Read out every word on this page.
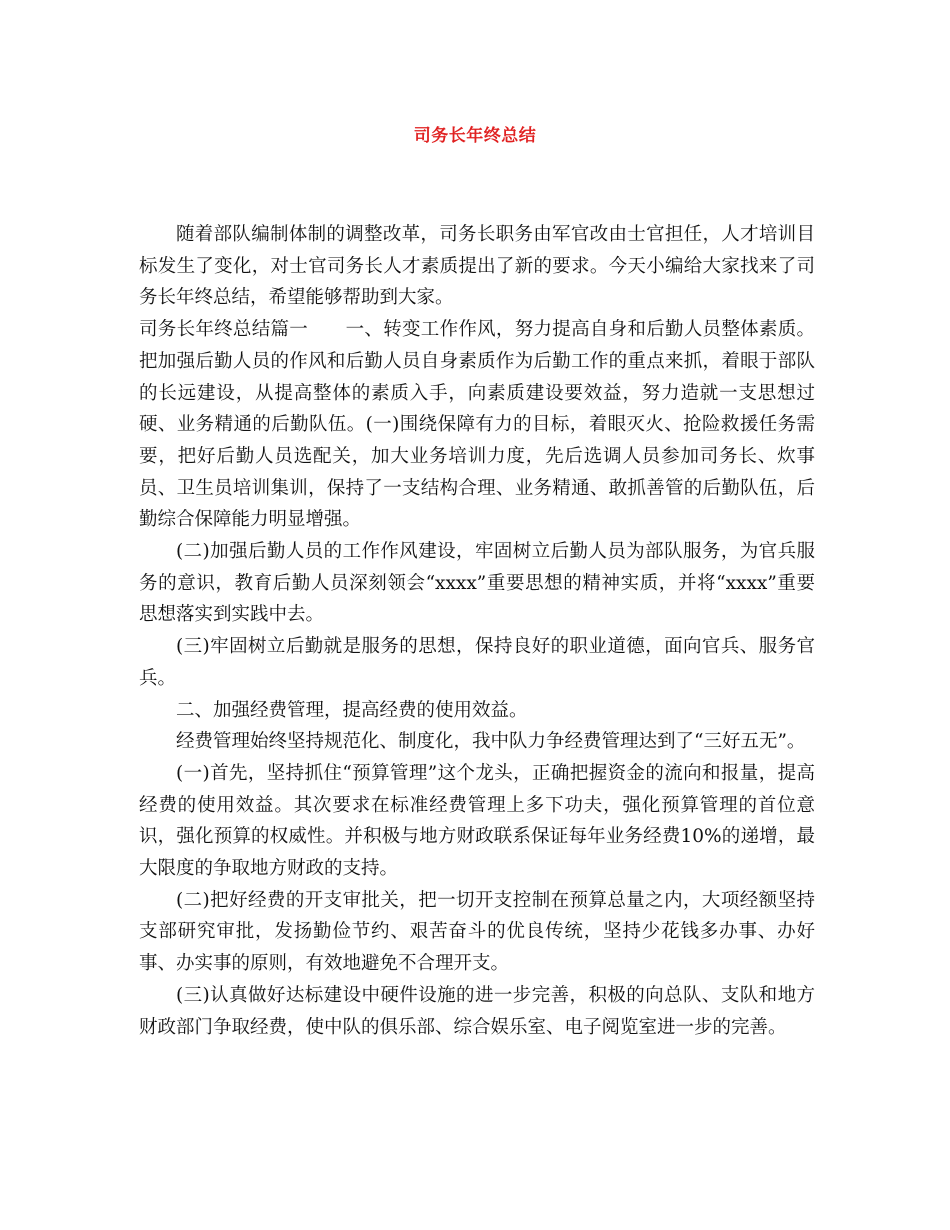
司务长年终总结

随着部队编制体制的调整改革，司务长职务由军官改由士官担任，人才培训目标发生了变化，对士官司务长人才素质提出了新的要求。今天小编给大家找来了司务长年终总结，希望能够帮助到大家。

司务长年终总结篇一　　一、转变工作作风，努力提高自身和后勤人员整体素质。把加强后勤人员的作风和后勤人员自身素质作为后勤工作的重点来抓，着眼于部队的长远建设，从提高整体的素质入手，向素质建设要效益，努力造就一支思想过硬、业务精通的后勤队伍。(一)围绕保障有力的目标，着眼灭火、抢险救援任务需要，把好后勤人员选配关，加大业务培训力度，先后选调人员参加司务长、炊事员、卫生员培训集训，保持了一支结构合理、业务精通、敢抓善管的后勤队伍，后勤综合保障能力明显增强。

(二)加强后勤人员的工作作风建设，牢固树立后勤人员为部队服务，为官兵服务的意识，教育后勤人员深刻领会“xxxx”重要思想的精神实质，并将“xxxx”重要思想落实到实践中去。

(三)牢固树立后勤就是服务的思想，保持良好的职业道德，面向官兵、服务官兵。

二、加强经费管理，提高经费的使用效益。

经费管理始终坚持规范化、制度化，我中队力争经费管理达到了“三好五无”。

(一)首先，坚持抓住“预算管理”这个龙头，正确把握资金的流向和报量，提高经费的使用效益。其次要求在标准经费管理上多下功夫，强化预算管理的首位意识，强化预算的权威性。并积极与地方财政联系保证每年业务经费10%的递增，最大限度的争取地方财政的支持。

(二)把好经费的开支审批关，把一切开支控制在预算总量之内，大项经额坚持支部研究审批，发扬勤俭节约、艰苦奋斗的优良传统，坚持少花钱多办事、办好事、办实事的原则，有效地避免不合理开支。

(三)认真做好达标建设中硬件设施的进一步完善，积极的向总队、支队和地方财政部门争取经费，使中队的俱乐部、综合娱乐室、电子阅览室进一步的完善。
